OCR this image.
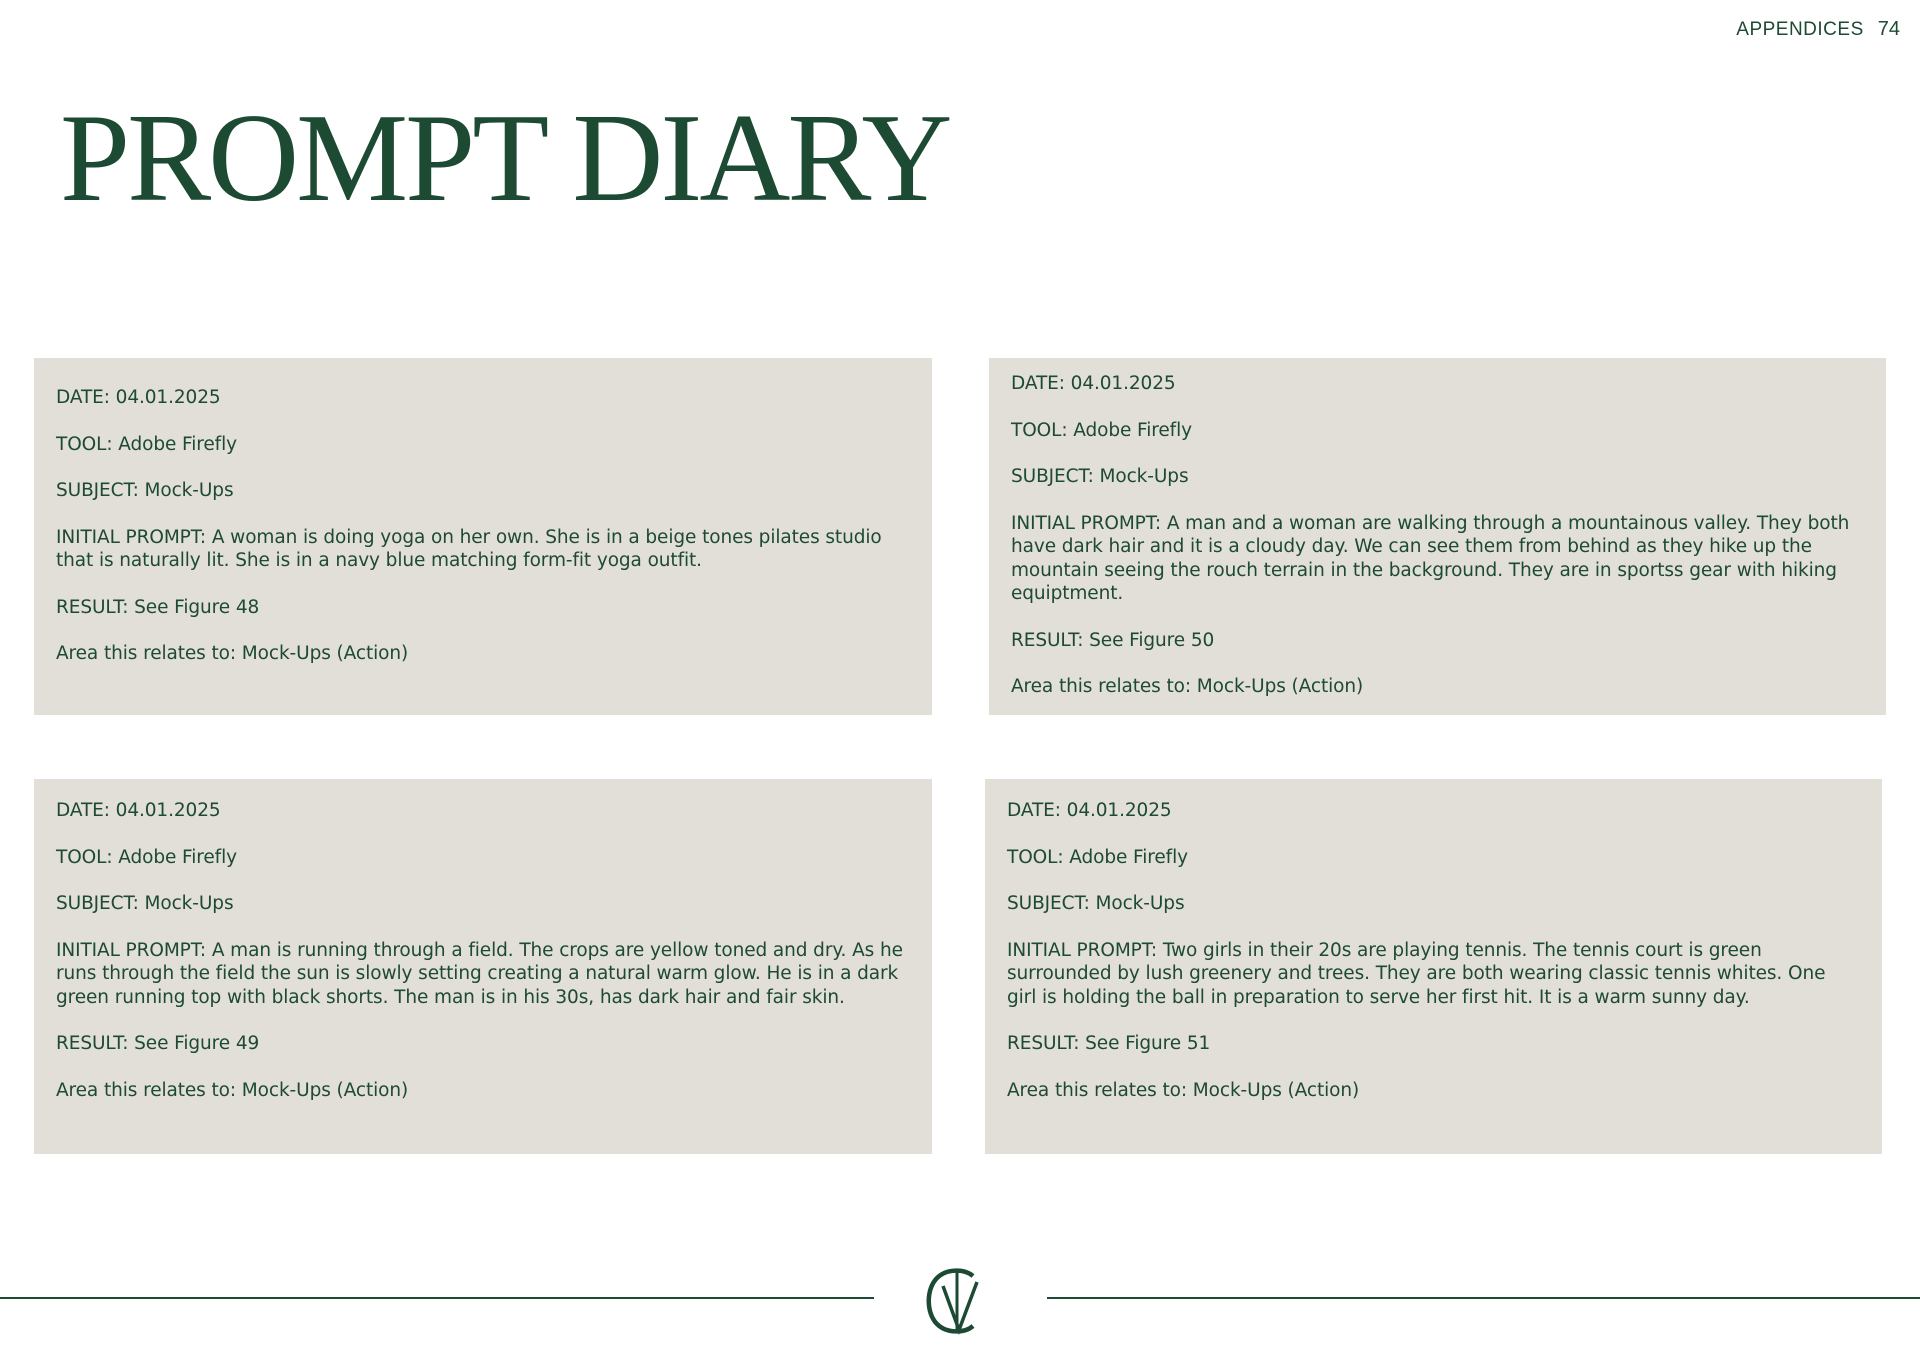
APPENDICES 74
PROMPT DIARY

DATE: 04.01.2025

TOOL: Adobe Firefly

SUBJECT: Mock-Ups

INITIAL PROMPT: A woman is doing yoga on her own. She is in a beige tones pilates studio that is naturally lit. She is in a navy blue matching form-fit yoga outfit.

RESULT: See Figure 48

Area this relates to: Mock-Ups (Action)

DATE: 04.01.2025

TOOL: Adobe Firefly

SUBJECT: Mock-Ups

INITIAL PROMPT: A man and a woman are walking through a mountainous valley. They both have dark hair and it is a cloudy day. We can see them from behind as they hike up the mountain seeing the rouch terrain in the background. They are in sportss gear with hiking equiptment.

RESULT: See Figure 50

Area this relates to: Mock-Ups (Action)

DATE: 04.01.2025

TOOL: Adobe Firefly

SUBJECT: Mock-Ups

INITIAL PROMPT: A man is running through a field. The crops are yellow toned and dry. As he runs through the field the sun is slowly setting creating a natural warm glow. He is in a dark green running top with black shorts. The man is in his 30s, has dark hair and fair skin.

RESULT: See Figure 49

Area this relates to: Mock-Ups (Action)

DATE: 04.01.2025

TOOL: Adobe Firefly

SUBJECT: Mock-Ups

INITIAL PROMPT: Two girls in their 20s are playing tennis. The tennis court is green surrounded by lush greenery and trees. They are both wearing classic tennis whites. One girl is holding the ball in preparation to serve her first hit. It is a warm sunny day.

RESULT: See Figure 51

Area this relates to: Mock-Ups (Action)
